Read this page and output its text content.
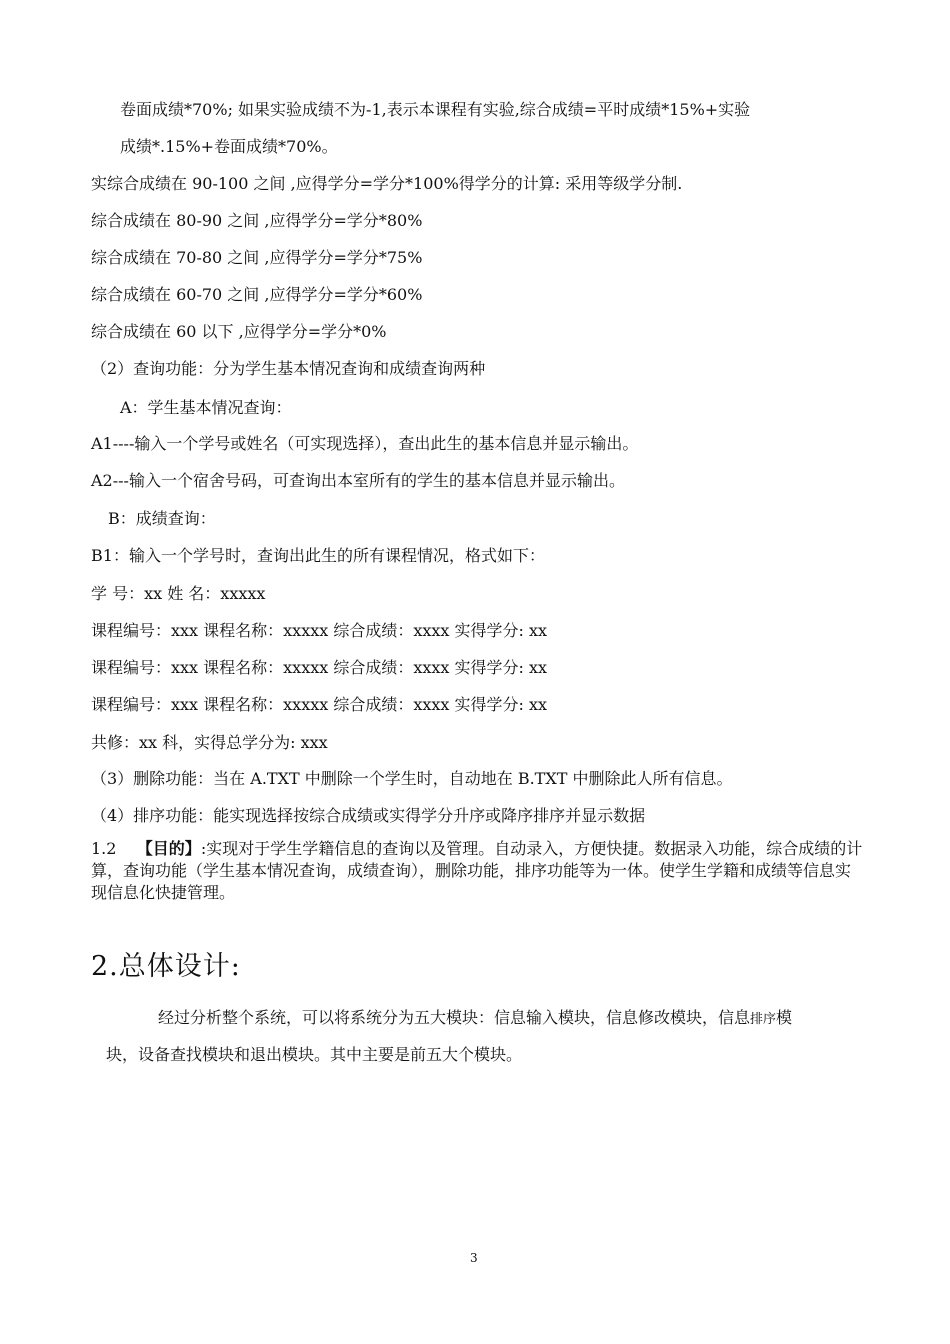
卷面成绩*70%; 如果实验成绩不为-1,表示本课程有实验,综合成绩=平时成绩*15%+实验
成绩*.15%+卷面成绩*70%。
实综合成绩在 90-100 之间 ,应得学分=学分*100%得学分的计算: 采用等级学分制.
综合成绩在 80-90 之间 ,应得学分=学分*80%
综合成绩在 70-80 之间 ,应得学分=学分*75%
综合成绩在 60-70 之间 ,应得学分=学分*60%
综合成绩在 60 以下 ,应得学分=学分*0%
（2）查询功能：分为学生基本情况查询和成绩查询两种
A：学生基本情况查询：
A1----输入一个学号或姓名（可实现选择），查出此生的基本信息并显示输出。
A2---输入一个宿舍号码，可查询出本室所有的学生的基本信息并显示输出。
B：成绩查询：
B1：输入一个学号时，查询出此生的所有课程情况，格式如下：
学 号：xx 姓 名：xxxxx
课程编号：xxx 课程名称：xxxxx 综合成绩：xxxx 实得学分: xx
课程编号：xxx 课程名称：xxxxx 综合成绩：xxxx 实得学分: xx
课程编号：xxx 课程名称：xxxxx 综合成绩：xxxx 实得学分: xx
共修：xx 科，实得总学分为: xxx
（3）删除功能：当在 A.TXT 中删除一个学生时，自动地在 B.TXT 中删除此人所有信息。
（4）排序功能：能实现选择按综合成绩或实得学分升序或降序排序并显示数据
1.2 【目的】:实现对于学生学籍信息的查询以及管理。自动录入，方便快捷。数据录入功能，综合成绩的计算，查询功能（学生基本情况查询，成绩查询），删除功能，排序功能等为一体。使学生学籍和成绩等信息实现信息化快捷管理。
2.总体设计:
经过分析整个系统，可以将系统分为五大模块：信息输入模块，信息修改模块，信息排序模
块，设备查找模块和退出模块。其中主要是前五大个模块。
3
